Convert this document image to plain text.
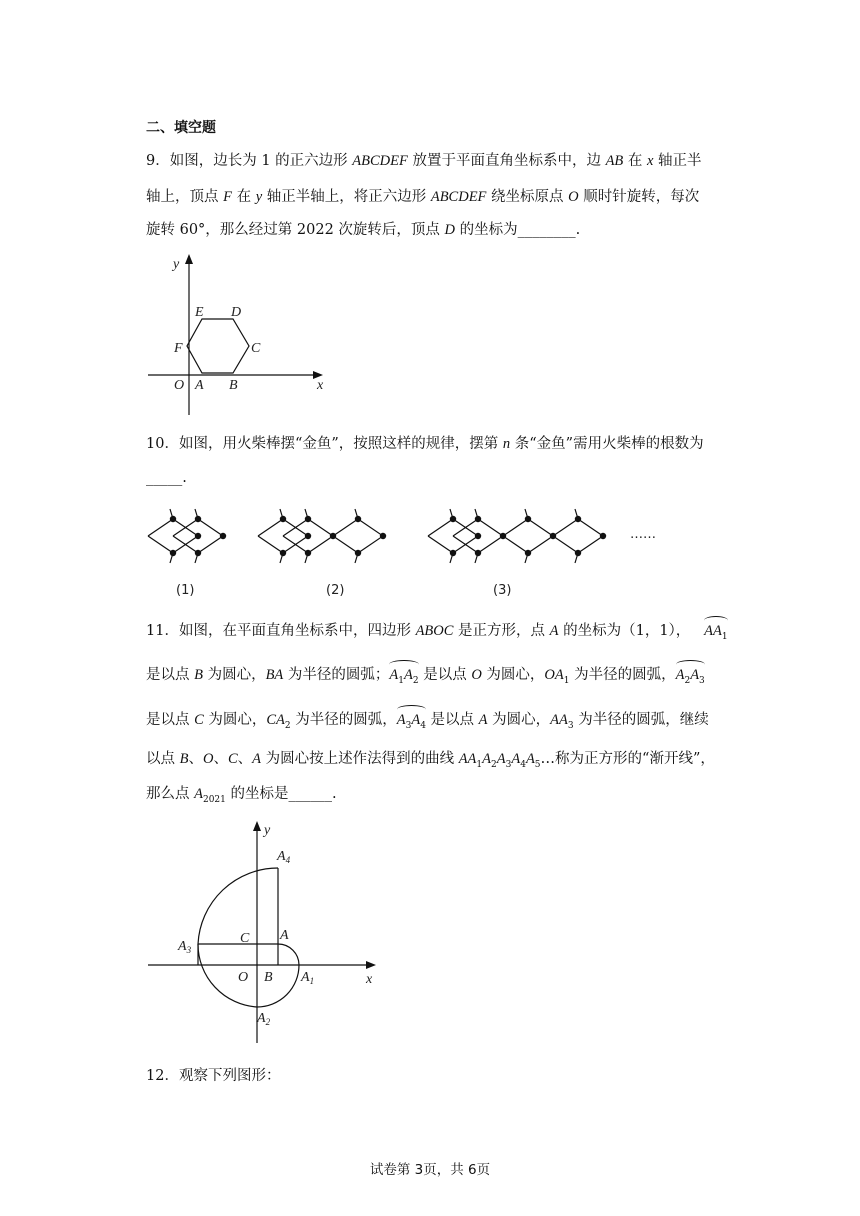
二、填空题
9．如图，边长为 1 的正六边形 ABCDEF 放置于平面直角坐标系中，边 AB 在 x 轴正半
轴上，顶点 F 在 y 轴正半轴上，将正六边形 ABCDEF 绕坐标原点 O 顺时针旋转，每次
旋转 60°，那么经过第 2022 次旋转后，顶点 D 的坐标为________.
y
x
O A B
C
D
E
F
10．如图，用火柴棒摆“金鱼”，按照这样的规律，摆第 n 条“金鱼”需用火柴棒的根数为
_____.
……
(1)	(2)	(3)
11．如图，在平面直角坐标系中，四边形 ABOC 是正方形，点 A 的坐标为（1，1）， $AA_1$
是以点 B 为圆心，BA 为半径的圆弧；$A_1A_2$ 是以点 O 为圆心，$OA_1$ 为半径的圆弧，$A_2A_3$
是以点 C 为圆心，$CA_2$ 为半径的圆弧，$A_3A_4$ 是以点 A 为圆心，$AA_3$ 为半径的圆弧，继续
以点 B、O、C、A 为圆心按上述作法得到的曲线 $AA_1A_2A_3A_4A_5\dots$称为正方形的“渐开线”，
那么点 $A_{2021}$ 的坐标是______.
y
x
O B
C A
$A_1$
$A_2$
$A_3$
$A_4$
12．观察下列图形：
试卷第 3页，共 6页
